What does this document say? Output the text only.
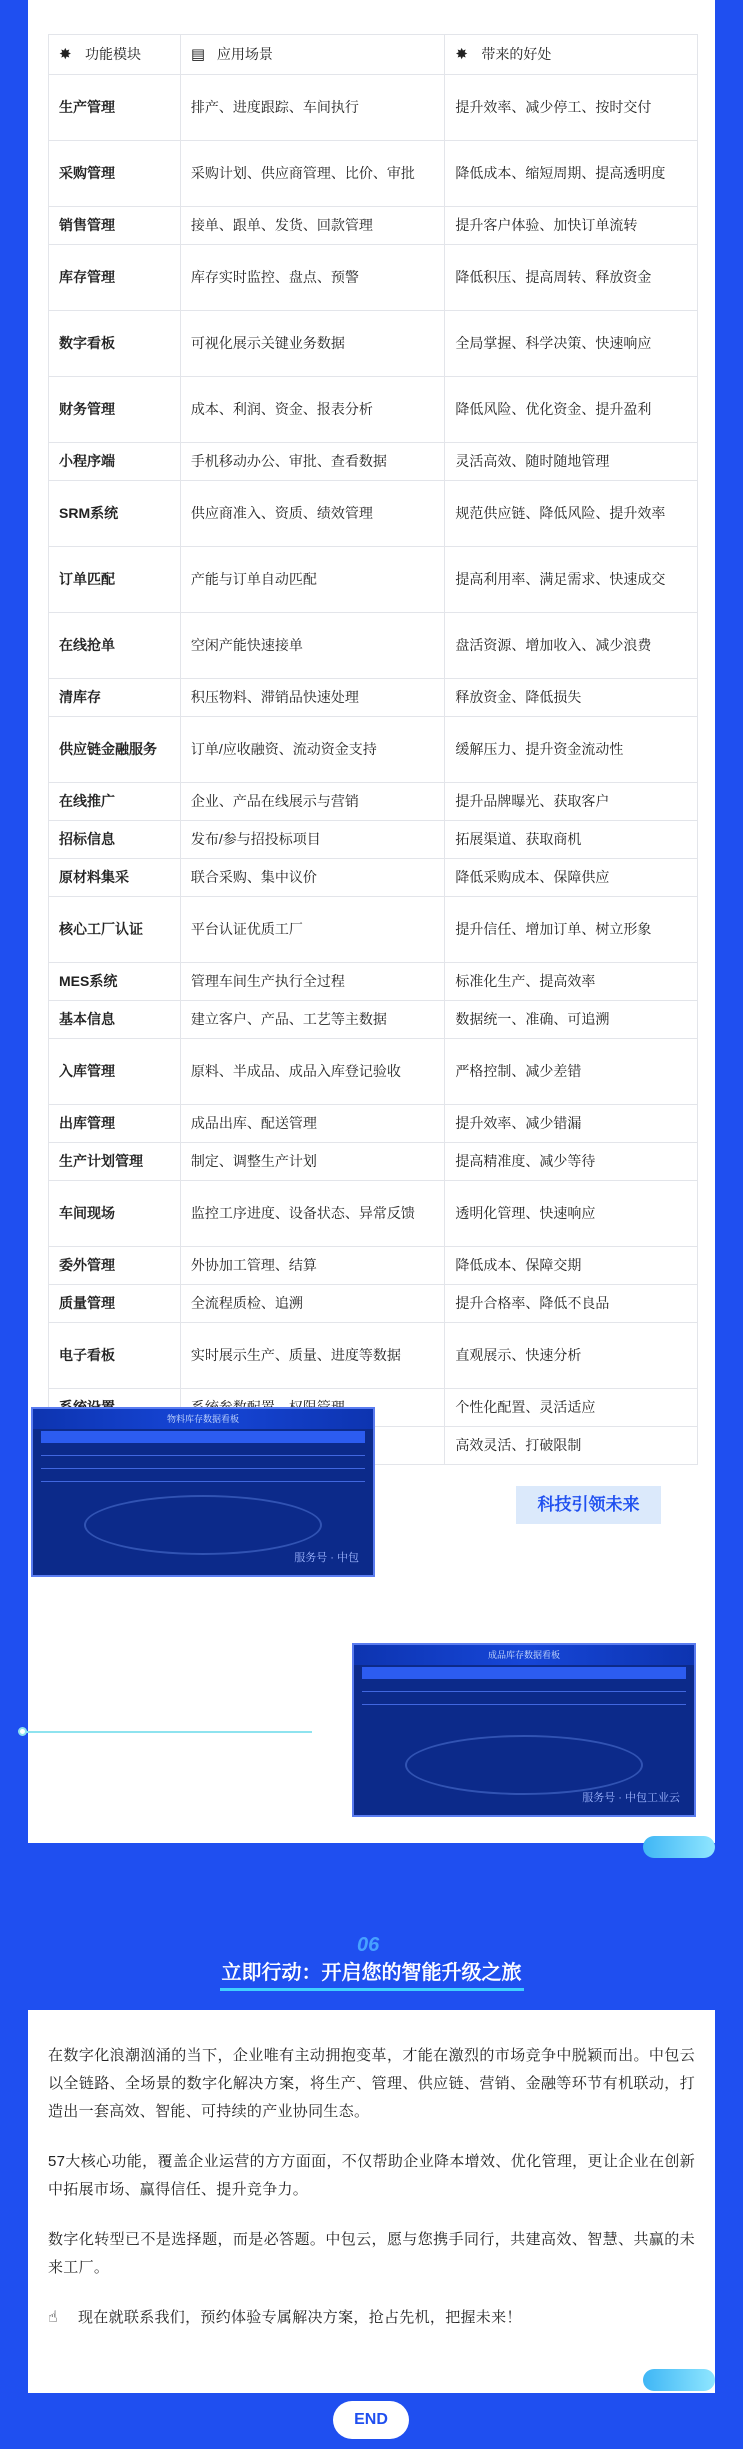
✸ 功能模块	▤ 应用场景	✸ 带来的好处
生产管理	排产、进度跟踪、车间执行	提升效率、减少停工、按时交付
采购管理	采购计划、供应商管理、比价、审批	降低成本、缩短周期、提高透明度
销售管理	接单、跟单、发货、回款管理	提升客户体验、加快订单流转
库存管理	库存实时监控、盘点、预警	降低积压、提高周转、释放资金
数字看板	可视化展示关键业务数据	全局掌握、科学决策、快速响应
财务管理	成本、利润、资金、报表分析	降低风险、优化资金、提升盈利
小程序端	手机移动办公、审批、查看数据	灵活高效、随时随地管理
SRM系统	供应商准入、资质、绩效管理	规范供应链、降低风险、提升效率
订单匹配	产能与订单自动匹配	提高利用率、满足需求、快速成交
在线抢单	空闲产能快速接单	盘活资源、增加收入、减少浪费
清库存	积压物料、滞销品快速处理	释放资金、降低损失
供应链金融服务	订单/应收融资、流动资金支持	缓解压力、提升资金流动性
在线推广	企业、产品在线展示与营销	提升品牌曝光、获取客户
招标信息	发布/参与招投标项目	拓展渠道、获取商机
原材料集采	联合采购、集中议价	降低采购成本、保障供应
核心工厂认证	平台认证优质工厂	提升信任、增加订单、树立形象
MES系统	管理车间生产执行全过程	标准化生产、提高效率
基本信息	建立客户、产品、工艺等主数据	数据统一、准确、可追溯
入库管理	原料、半成品、成品入库登记验收	严格控制、减少差错
出库管理	成品出库、配送管理	提升效率、减少错漏
生产计划管理	制定、调整生产计划	提高精准度、减少等待
车间现场	监控工序进度、设备状态、异常反馈	透明化管理、快速响应
委外管理	外协加工管理、结算	降低成本、保障交期
质量管理	全流程质检、追溯	提升合格率、降低不良品
电子看板	实时展示生产、质量、进度等数据	直观展示、快速分析
		个性化配置、灵活适应
		高效灵活、打破限制
物料库存数据看板
服务号 · 中包
科技引领未来
成品库存数据看板
服务号 · 中包工业云
06
立即行动：开启您的智能升级之旅

在数字化浪潮汹涌的当下，企业唯有主动拥抱变革，才能在激烈的市场竞争中脱颖而出。中包云以全链路、全场景的数字化解决方案，将生产、管理、供应链、营销、金融等环节有机联动，打造出一套高效、智能、可持续的产业协同生态。

57大核心功能，覆盖企业运营的方方面面，不仅帮助企业降本增效、优化管理，更让企业在创新中拓展市场、赢得信任、提升竞争力。

数字化转型已不是选择题，而是必答题。中包云，愿与您携手同行，共建高效、智慧、共赢的未来工厂。

☝	现在就联系我们，预约体验专属解决方案，抢占先机，把握未来！
END
